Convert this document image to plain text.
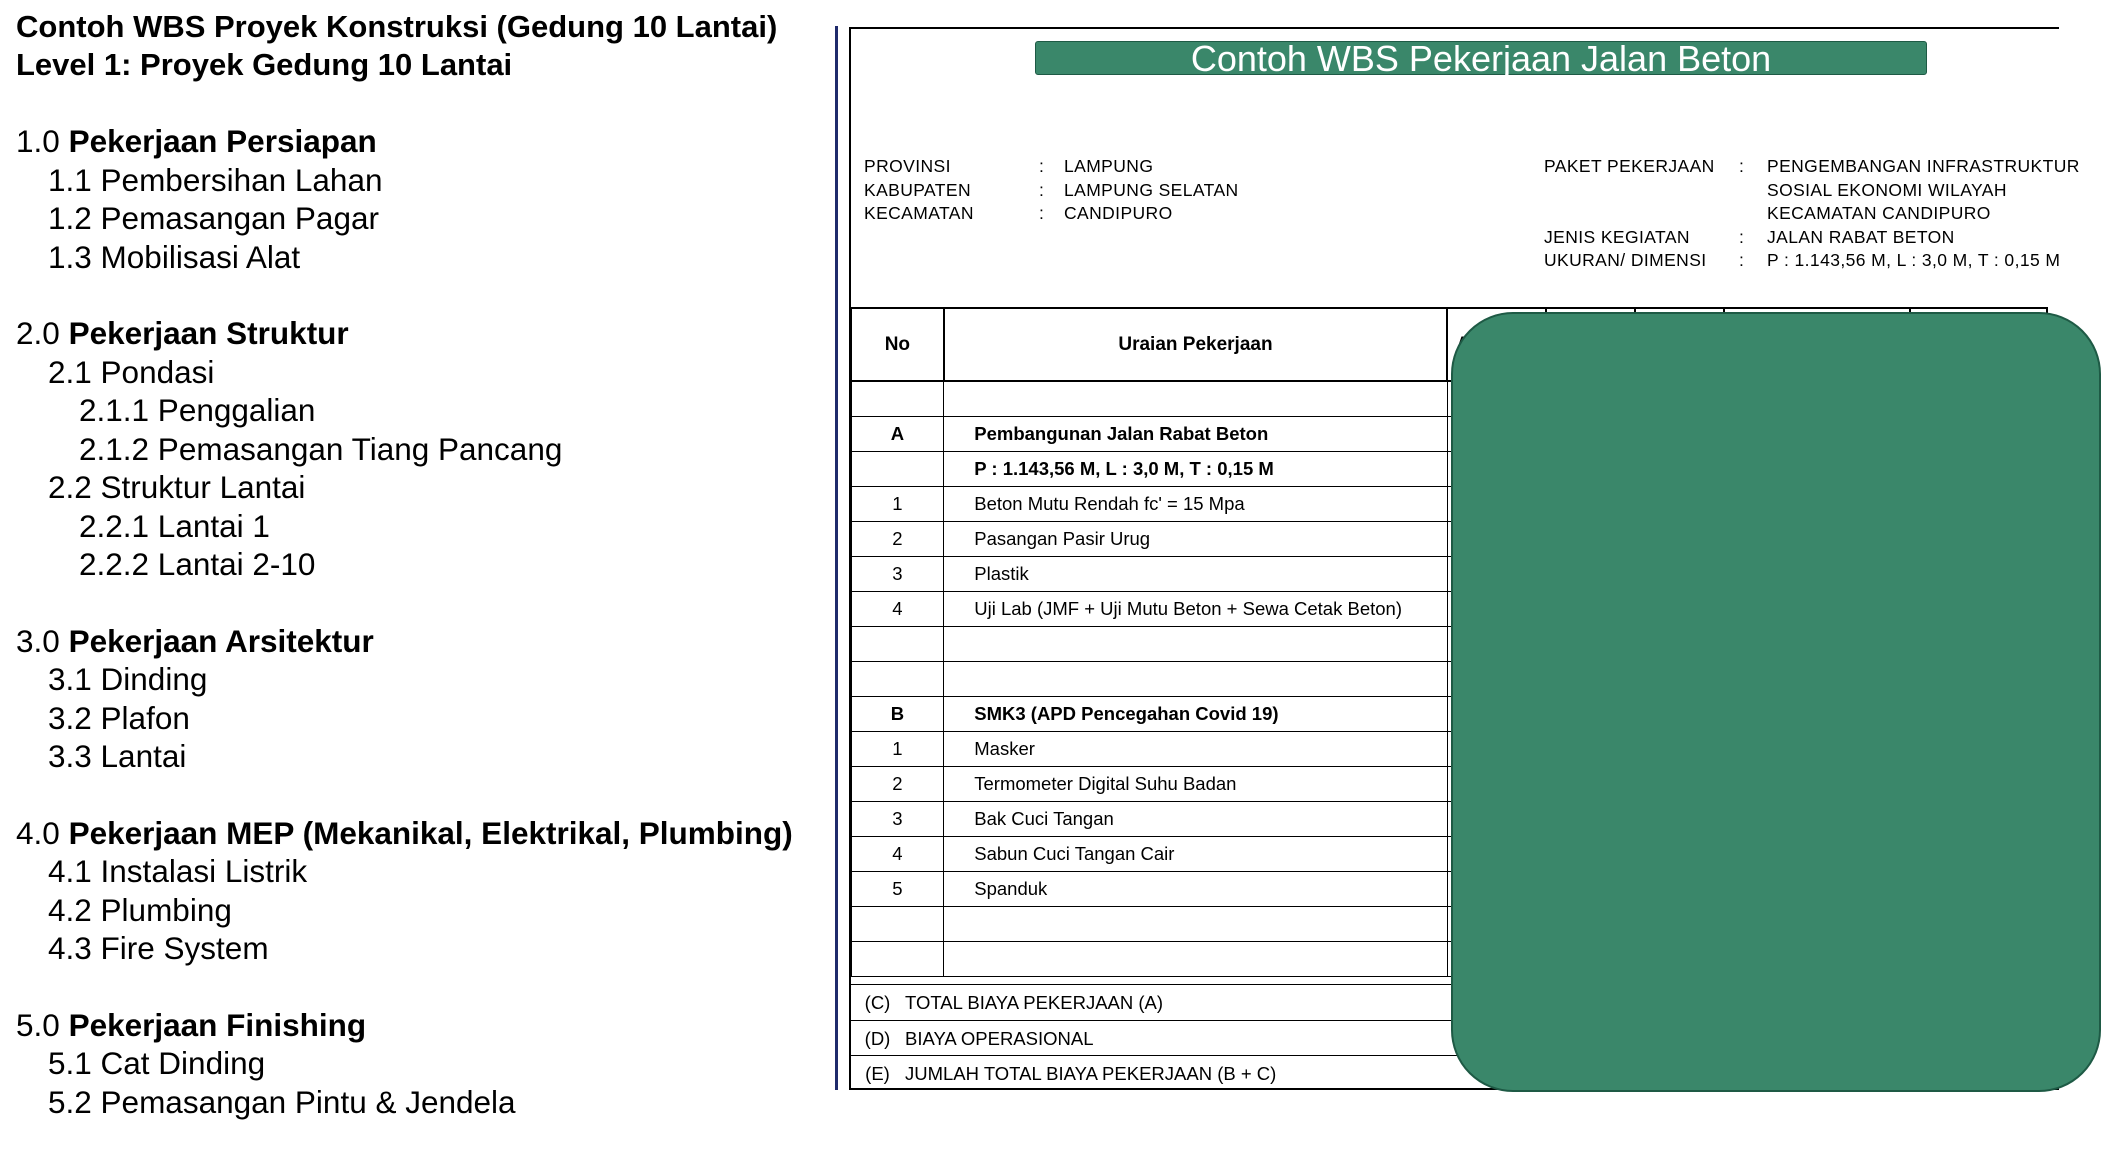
Contoh WBS Proyek Konstruksi (Gedung 10 Lantai)

Level 1: Proyek Gedung 10 Lantai

1.0 Pekerjaan Persiapan
1.1 Pembersihan Lahan
1.2 Pemasangan Pagar
1.3 Mobilisasi Alat
2.0 Pekerjaan Struktur
2.1 Pondasi
2.1.1 Penggalian
2.1.2 Pemasangan Tiang Pancang
2.2 Struktur Lantai
2.2.1 Lantai 1
2.2.2 Lantai 2-10
3.0 Pekerjaan Arsitektur
3.1 Dinding
3.2 Plafon
3.3 Lantai
4.0 Pekerjaan MEP (Mekanikal, Elektrikal, Plumbing)
4.1 Instalasi Listrik
4.2 Plumbing
4.3 Fire System
5.0 Pekerjaan Finishing
5.1 Cat Dinding
5.2 Pemasangan Pintu & Jendela
Contoh WBS Pekerjaan Jalan Beton
PROVINSI	: LAMPUNG
KABUPATEN	: LAMPUNG SELATAN
KECAMATAN	: CANDIPURO
PAKET PEKERJAAN : PENGEMBANGAN INFRASTRUKTUR
SOSIAL EKONOMI WILAYAH
KECAMATAN CANDIPURO
JENIS KEGIATAN	: JALAN RABAT BETON
UKURAN/ DIMENSI : P : 1.143,56 M, L : 3,0 M, T : 0,15 M
No	Uraian Pekerjaan					

A	Pembangunan Jalan Rabat Beton					
	P : 1.143,56 M, L : 3,0 M, T : 0,15 M					
1	Beton Mutu Rendah fc' = 15 Mpa					
2	Pasangan Pasir Urug					
3	Plastik					
4	Uji Lab (JMF + Uji Mutu Beton + Sewa Cetak Beton)					

B	SMK3 (APD Pencegahan Covid 19)					
1	Masker					
2	Termometer Digital Suhu Badan					
3	Bak Cuci Tangan					
4	Sabun Cuci Tangan Cair					
5	Spanduk					

(C) TOTAL BIAYA PEKERJAAN (A)
(D) BIAYA OPERASIONAL
(E) JUMLAH TOTAL BIAYA PEKERJAAN (B + C)
